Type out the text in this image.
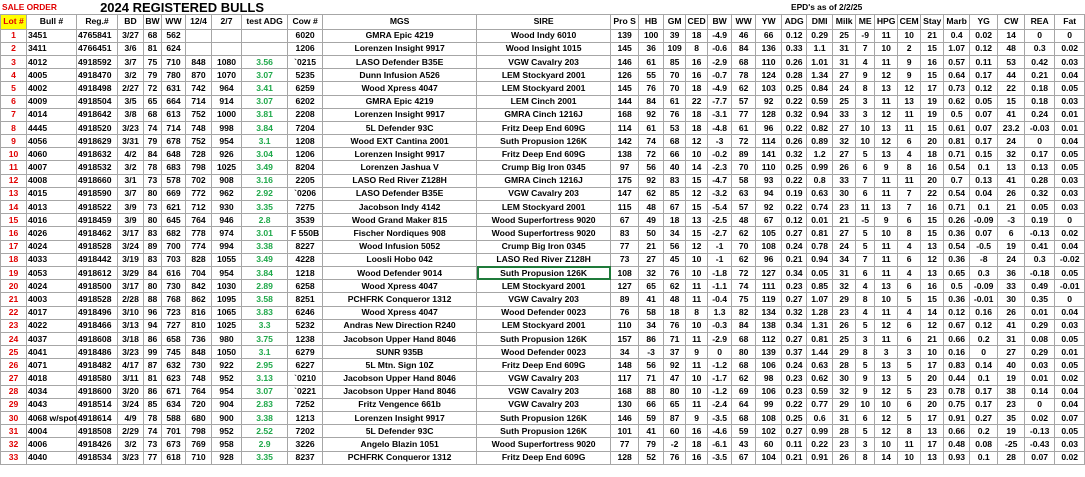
SALE ORDER		2024 REGISTERED BULLS																EPD's as of 2/2/25												
Lot #	Bull #	Reg.#	BD	BW	WW	12/4	2/7	test ADG	Cow #	MGS	SIRE	Pro S	HB	GM	CED	BW	WW	YW	ADG	DMI	Milk	ME	HPG	CEM	Stay	Marb	YG	CW	REA	Fat
1	3451	4765841	3/27	68	562				6020	GMRA Epic 4219	Wood Indy 6010	139	100	39	18	-4.9	46	66	0.12	0.29	25	-9	11	10	21	0.4	0.02	14	0	0
2	3411	4766451	3/6	81	624				1206	Lorenzen Insight 9917	Wood Insight 1015	145	36	109	8	-0.6	84	136	0.33	1.1	31	7	10	2	15	1.07	0.12	48	0.3	0.02
3	4012	4918592	3/7	75	710	848	1080	3.56	`0215	LASO Defender B35E	VGW Cavalry 203	146	61	85	16	-2.9	68	110	0.26	1.01	31	4	11	9	16	0.57	0.11	53	0.42	0.03
4	4005	4918470	3/2	79	780	870	1070	3.07	5235	Dunn Infusion A526	LEM Stockyard 2001	126	55	70	16	-0.7	78	124	0.28	1.34	27	9	12	9	15	0.64	0.17	44	0.21	0.04
5	4002	4918498	2/27	72	631	742	964	3.41	6259	Wood Xpress 4047	LEM Stockyard 2001	145	76	70	18	-4.9	62	103	0.25	0.84	24	8	13	12	17	0.73	0.12	22	0.18	0.05
6	4009	4918504	3/5	65	664	714	914	3.07	6202	GMRA Epic 4219	LEM Cinch 2001	144	84	61	22	-7.7	57	92	0.22	0.59	25	3	11	13	19	0.62	0.05	15	0.18	0.03
7	4014	4918642	3/8	68	613	752	1000	3.81	2208	Lorenzen Insight 9917	GMRA Cinch 1216J	168	92	76	18	-3.1	77	128	0.32	0.94	33	3	12	11	19	0.5	0.07	41	0.24	0.01
8	4445	4918520	3/23	74	714	748	998	3.84	7204	5L Defender 93C	Fritz Deep End 609G	114	61	53	18	-4.8	61	96	0.22	0.82	27	10	13	11	15	0.61	0.07	23.2	-0.03	0.01
9	4056	4918629	3/31	79	678	752	954	3.1	1208	Wood EXT Cantina 2001	Suth Propusion 126K	142	74	68	12	-3	72	114	0.26	0.89	32	10	12	6	20	0.81	0.17	24	0	0.04
10	4060	4918632	4/2	84	648	728	926	3.04	1206	Lorenzen Insight 9917	Fritz Deep End 609G	138	72	66	10	-0.2	89	141	0.32	1.2	27	5	13	4	18	0.71	0.15	32	0.17	0.05
11	4007	4918532	3/2	78	683	798	1025	3.49	8204	Lorenzen Jashua V	Crump Big Iron 0345	97	56	40	14	-2.3	70	110	0.25	0.99	26	6	9	8	16	0.54	0.1	13	0.13	0.05
12	4008	4918660	3/1	73	578	702	908	3.16	2205	LASO Red River Z128H	GMRA Cinch 1216J	175	92	83	15	-4.7	58	93	0.22	0.8	33	7	11	11	20	0.7	0.13	41	0.28	0.03
13	4015	4918590	3/7	80	669	772	962	2.92	`0206	LASO Defender B35E	VGW Cavalry 203	147	62	85	12	-3.2	63	94	0.19	0.63	30	6	11	7	22	0.54	0.04	26	0.32	0.03
14	4013	4918522	3/9	73	621	712	930	3.35	7275	Jacobson Indy 4142	LEM Stockyard 2001	115	48	67	15	-5.4	57	92	0.22	0.74	23	11	13	7	16	0.71	0.1	21	0.05	0.03
15	4016	4918459	3/9	80	645	764	946	2.8	3539	Wood Grand Maker 815	Wood Superfortress 9020	67	49	18	13	-2.5	48	67	0.12	0.01	21	-5	9	6	15	0.26	-0.09	-3	0.19	0
16	4026	4918462	3/17	83	682	778	974	3.01	F 550B	Fischer Nordiques 908	Wood Superfortress 9020	83	50	34	15	-2.7	62	105	0.27	0.81	27	5	10	8	15	0.36	0.07	6	-0.13	0.02
17	4024	4918528	3/24	89	700	774	994	3.38	8227	Wood Infusion 5052	Crump Big Iron 0345	77	21	56	12	-1	70	108	0.24	0.78	24	5	11	4	13	0.54	-0.5	19	0.41	0.04
18	4033	4918442	3/19	83	703	828	1055	3.49	4228	Loosli Hobo 042	LASO Red River Z128H	73	27	45	10	-1	62	96	0.21	0.94	34	7	11	6	12	0.36	-8	24	0.3	-0.02
19	4053	4918612	3/29	84	616	704	954	3.84	1218	Wood Defender 9014	Suth Propusion 126K	108	32	76	10	-1.8	72	127	0.34	0.05	31	6	11	4	13	0.65	0.3	36	-0.18	0.05
20	4024	4918500	3/17	80	730	842	1030	2.89	6258	Wood Xpress 4047	LEM Stockyard 2001	127	65	62	11	-1.1	74	111	0.23	0.85	32	4	13	6	16	0.5	-0.09	33	0.49	-0.01
21	4003	4918528	2/28	88	768	862	1095	3.58	8251	PCHFRK Conqueror 1312	VGW Cavalry 203	89	41	48	11	-0.4	75	119	0.27	1.07	29	8	10	5	15	0.36	-0.01	30	0.35	0
22	4017	4918496	3/10	96	723	816	1065	3.83	6246	Wood Xpress 4047	Wood Defender 0023	76	58	18	8	1.3	82	134	0.32	1.28	23	4	11	4	14	0.12	0.16	26	0.01	0.04
23	4022	4918466	3/13	94	727	810	1025	3.3	5232	Andras New Direction R240	LEM Stockyard 2001	110	34	76	10	-0.3	84	138	0.34	1.31	26	5	12	6	12	0.67	0.12	41	0.29	0.03
24	4037	4918608	3/18	86	658	736	980	3.75	1238	Jacobson Upper Hand 8046	Suth Propusion 126K	157	86	71	11	-2.9	68	112	0.27	0.81	25	3	11	6	21	0.66	0.2	31	0.08	0.05
25	4041	4918486	3/23	99	745	848	1050	3.1	6279	SUNR 935B	Wood Defender 0023	34	-3	37	9	0	80	139	0.37	1.44	29	8	3	3	10	0.16	0	27	0.29	0.01
26	4071	4918482	4/17	87	632	730	922	2.95	6227	5L Mtn. Sign 10Z	Fritz Deep End 609G	148	56	92	11	-1.2	68	106	0.24	0.63	28	5	13	5	17	0.83	0.14	40	0.03	0.05
27	4018	4918580	3/11	81	623	748	952	3.13	`0210	Jacobson Upper Hand 8046	VGW Cavalry 203	117	71	47	10	-1.7	62	98	0.23	0.62	30	9	13	5	20	0.44	0.1	19	0.01	0.02
28	4034	4918600	3/20	86	671	764	954	3.07	`0221	Jacobson Upper Hand 8046	VGW Cavalry 203	168	88	80	10	-1.2	69	106	0.23	0.59	32	9	12	5	23	0.78	0.17	38	0.14	0.04
29	4043	4918514	3/24	85	634	720	904	2.83	7252	Fritz Vengence 661b	VGW Cavalry 203	130	66	65	11	-2.4	64	99	0.22	0.77	29	10	10	6	20	0.75	0.17	23	0	0.04
30	4068 w/spot	4918614	4/9	78	588	680	900	3.38	1213	Lorenzen Insight 9917	Suth Propusion 126K	146	59	87	9	-3.5	68	108	0.25	0.6	31	6	12	5	17	0.91	0.27	35	0.02	0.07
31	4004	4918508	2/29	74	701	798	952	2.52	7202	5L Defender 93C	Suth Propusion 126K	101	41	60	16	-4.6	59	102	0.27	0.99	28	5	12	8	13	0.66	0.2	19	-0.13	0.05
32	4006	4918426	3/2	73	673	769	958	2.9	3226	Angelo Blazin 1051	Wood Superfortress 9020	77	79	-2	18	-6.1	43	60	0.11	0.22	23	3	10	11	17	0.48	0.08	-25	-0.43	0.03
33	4040	4918534	3/23	77	618	710	928	3.35	8237	PCHFRK Conqueror 1312	Fritz Deep End 609G	128	52	76	16	-3.5	67	104	0.21	0.91	26	8	14	10	13	0.93	0.1	28	0.07	0.02
